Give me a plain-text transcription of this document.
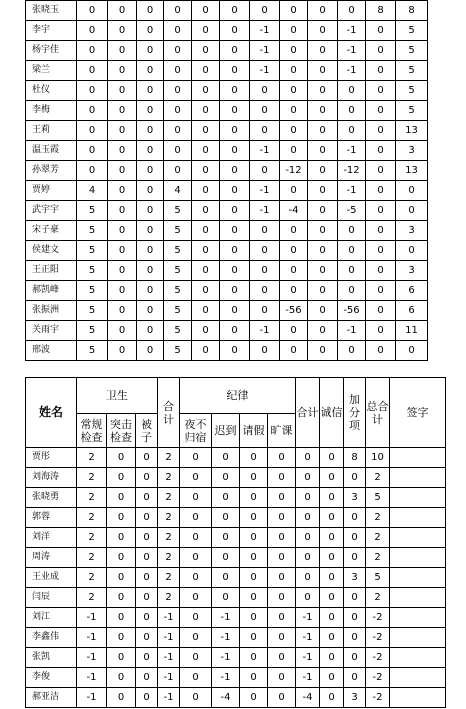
张晓玉	0	0	0	0	0	0	0	0	0	0	8	8
李宇	0	0	0	0	0	0	-1	0	0	-1	0	5
杨宇佳	0	0	0	0	0	0	-1	0	0	-1	0	5
梁兰	0	0	0	0	0	0	-1	0	0	-1	0	5
杜仪	0	0	0	0	0	0	0	0	0	0	0	5
李梅	0	0	0	0	0	0	0	0	0	0	0	5
王莉	0	0	0	0	0	0	0	0	0	0	0	13
温玉霞	0	0	0	0	0	0	-1	0	0	-1	0	3
孙翠芳	0	0	0	0	0	0	0	-12	0	-12	0	13
贾婷	4	0	0	4	0	0	-1	0	0	-1	0	0
武宇宇	5	0	0	5	0	0	-1	-4	0	-5	0	0
宋子豪	5	0	0	5	0	0	0	0	0	0	0	3
侯建文	5	0	0	5	0	0	0	0	0	0	0	0
王正阳	5	0	0	5	0	0	0	0	0	0	0	3
郝凯峰	5	0	0	5	0	0	0	0	0	0	0	6
张振洲	5	0	0	5	0	0	0	-56	0	-56	0	6
关雨宇	5	0	0	5	0	0	-1	0	0	-1	0	11
邢波	5	0	0	5	0	0	0	0	0	0	0	0
姓名	卫生			合计	纪律				合计	诚信	加分项	总合计	签字
	常规检查	突击检查	被子		夜不归宿	迟到	请假	旷课					
贾彤	2	0	0	2	0	0	0	0	0	0	8	10	
刘海涛	2	0	0	2	0	0	0	0	0	0	0	2	
张晓勇	2	0	0	2	0	0	0	0	0	0	3	5	
郭蓉	2	0	0	2	0	0	0	0	0	0	0	2	
刘洋	2	0	0	2	0	0	0	0	0	0	0	2	
周涛	2	0	0	2	0	0	0	0	0	0	0	2	
王业成	2	0	0	2	0	0	0	0	0	0	3	5	
闫辰	2	0	0	2	0	0	0	0	0	0	0	2	
刘江	-1	0	0	-1	0	-1	0	0	-1	0	0	-2	
李鑫伟	-1	0	0	-1	0	-1	0	0	-1	0	0	-2	
张凯	-1	0	0	-1	0	-1	0	0	-1	0	0	-2	
李俊	-1	0	0	-1	0	-1	0	0	-1	0	0	-2	
郝亚洁	-1	0	0	-1	0	-4	0	0	-4	0	3	-2	
